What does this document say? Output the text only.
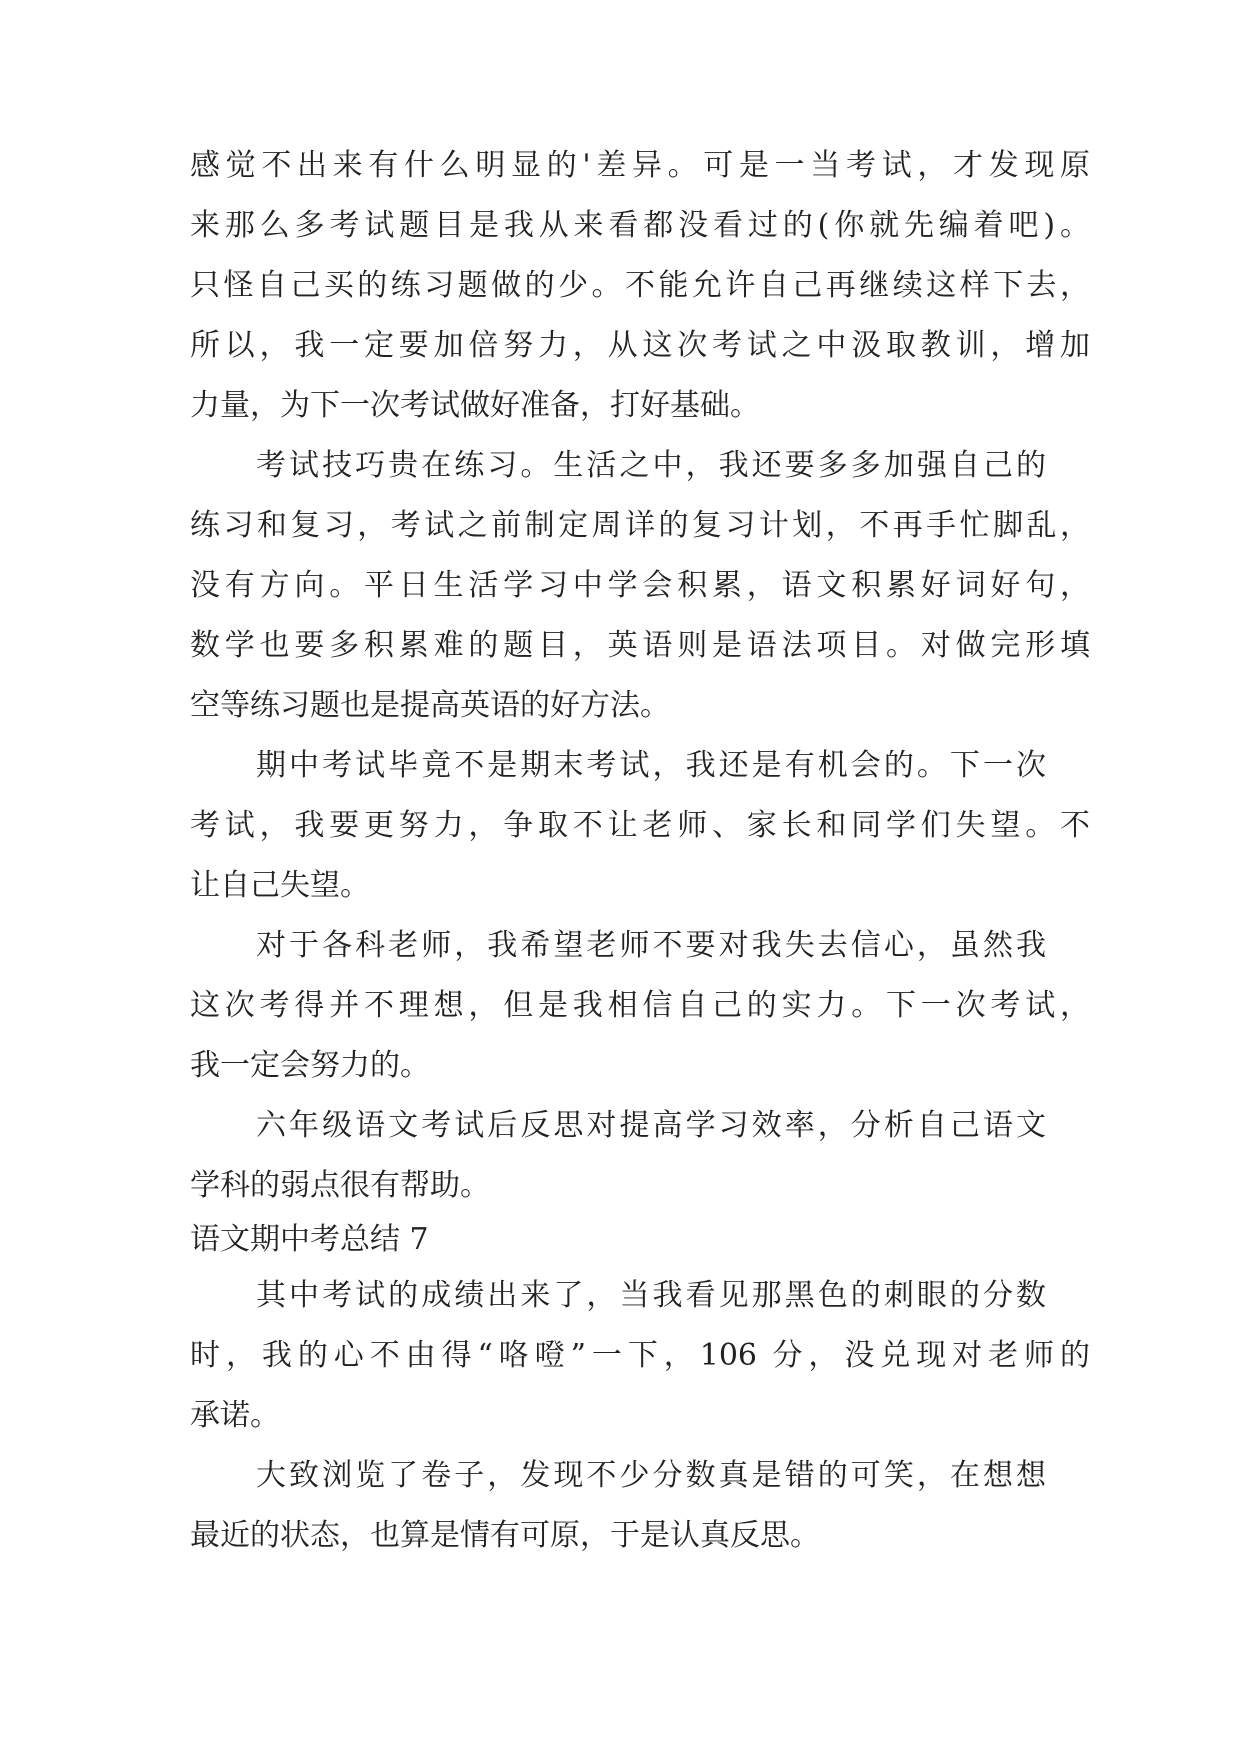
感觉不出来有什么明显的'差异。可是一当考试，才发现原
来那么多考试题目是我从来看都没看过的(你就先编着吧)。
只怪自己买的练习题做的少。不能允许自己再继续这样下去，
所以，我一定要加倍努力，从这次考试之中汲取教训，增加
力量，为下一次考试做好准备，打好基础。
考试技巧贵在练习。生活之中，我还要多多加强自己的
练习和复习，考试之前制定周详的复习计划，不再手忙脚乱，
没有方向。平日生活学习中学会积累，语文积累好词好句，
数学也要多积累难的题目，英语则是语法项目。对做完形填
空等练习题也是提高英语的好方法。
期中考试毕竟不是期末考试，我还是有机会的。下一次
考试，我要更努力，争取不让老师、家长和同学们失望。不
让自己失望。
对于各科老师，我希望老师不要对我失去信心，虽然我
这次考得并不理想，但是我相信自己的实力。下一次考试，
我一定会努力的。
六年级语文考试后反思对提高学习效率，分析自己语文
学科的弱点很有帮助。
语文期中考总结 7
其中考试的成绩出来了，当我看见那黑色的刺眼的分数
时，我的心不由得“咯噔”一下，106 分，没兑现对老师的
承诺。
大致浏览了卷子，发现不少分数真是错的可笑，在想想
最近的状态，也算是情有可原，于是认真反思。
